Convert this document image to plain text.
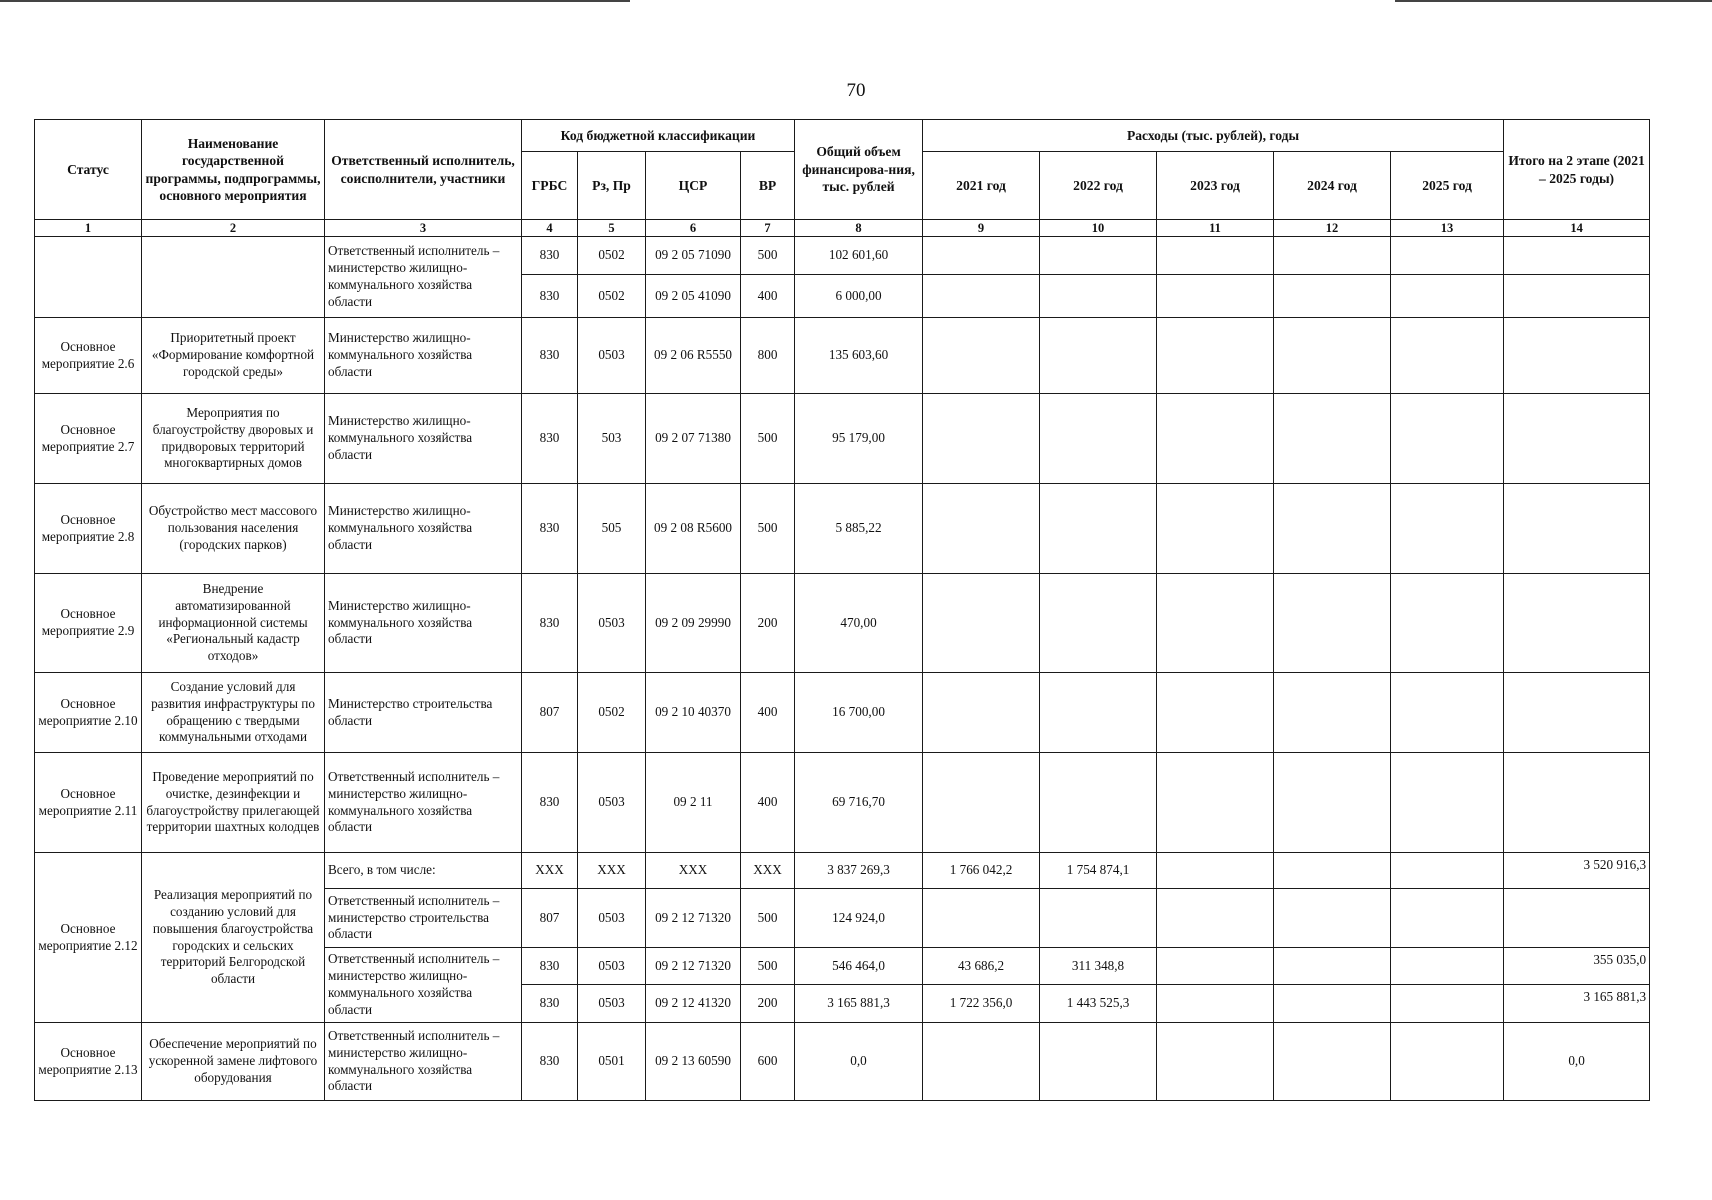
70
Статус	Наименование государственной программы, подпрограммы, основного мероприятия	Ответственный исполнитель, соисполнители, участники	Код бюджетной классификации				Общий объем финансирова-ния, тыс. рублей	Расходы (тыс. рублей), годы					Итого на 2 этапе (2021 – 2025 годы)
			ГРБС	Рз, Пр	ЦСР	ВР		2021 год	2022 год	2023 год	2024 год	2025 год	
1	2	3	4	5	6	7	8	9	10	11	12	13	14
		Ответственный исполнитель – министерство жилищно-коммунального хозяйства области	830	0502	09 2 05 71090	500	102 601,60						
			830	0502	09 2 05 41090	400	6 000,00						
Основное мероприятие 2.6	Приоритетный проект «Формирование комфортной городской среды»	Министерство жилищно-коммунального хозяйства области	830	0503	09 2 06 R5550	800	135 603,60						
Основное мероприятие 2.7	Мероприятия по благоустройству дворовых и придворовых территорий многоквартирных домов	Министерство жилищно-коммунального хозяйства области	830	503	09 2 07 71380	500	95 179,00						
Основное мероприятие 2.8	Обустройство мест массового пользования населения (городских парков)	Министерство жилищно-коммунального хозяйства области	830	505	09 2 08 R5600	500	5 885,22						
Основное мероприятие 2.9	Внедрение автоматизированной информационной системы «Региональный кадастр отходов»	Министерство жилищно-коммунального хозяйства области	830	0503	09 2 09 29990	200	470,00						
Основное мероприятие 2.10	Создание условий для развития инфраструктуры по обращению с твердыми коммунальными отходами	Министерство строительства области	807	0502	09 2 10 40370	400	16 700,00						
Основное мероприятие 2.11	Проведение мероприятий по очистке, дезинфекции и благоустройству прилегающей территории шахтных колодцев	Ответственный исполнитель – министерство жилищно-коммунального хозяйства области	830	0503	09 2 11	400	69 716,70						
Основное мероприятие 2.12	Реализация мероприятий по созданию условий для повышения благоустройства городских и сельских территорий Белгородской области	Всего, в том числе:	ХХХ	ХХХ	ХХХ	ХХХ	3 837 269,3	1 766 042,2	1 754 874,1				3 520 916,3
		Ответственный исполнитель – министерство строительства области	807	0503	09 2 12 71320	500	124 924,0						
		Ответственный исполнитель – министерство жилищно-коммунального хозяйства области	830	0503	09 2 12 71320	500	546 464,0	43 686,2	311 348,8				355 035,0
			830	0503	09 2 12 41320	200	3 165 881,3	1 722 356,0	1 443 525,3				3 165 881,3
Основное мероприятие 2.13	Обеспечение мероприятий по ускоренной замене лифтового оборудования	Ответственный исполнитель – министерство жилищно-коммунального хозяйства области	830	0501	09 2 13 60590	600	0,0						0,0
